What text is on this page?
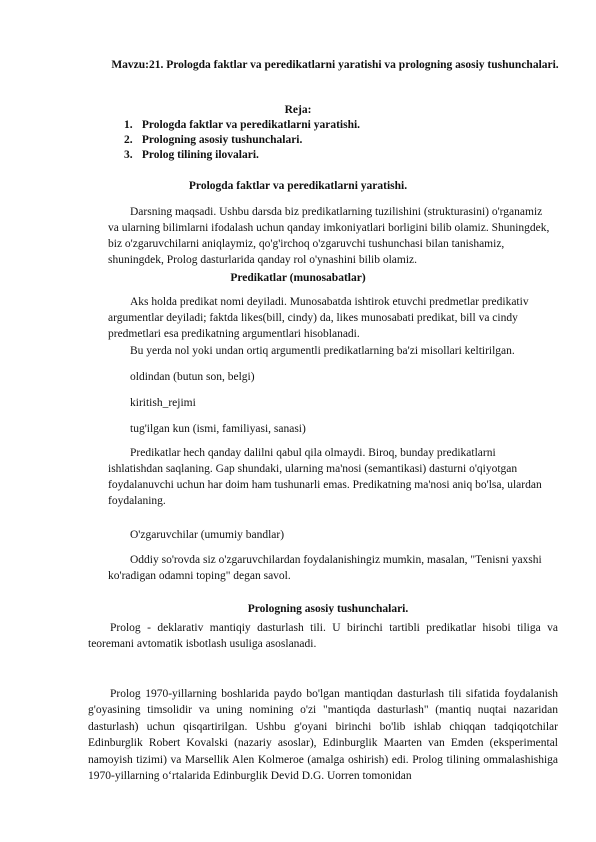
Mavzu:21. Prologda faktlar va peredikatlarni yaratishi va prologning asosiy tushunchalari.
Reja:
1. Prologda faktlar va peredikatlarni yaratishi.
2. Prologning asosiy tushunchalari.
3. Prolog tilining ilovalari.
Prologda faktlar va peredikatlarni yaratishi.

Darsning maqsadi. Ushbu darsda biz predikatlarning tuzilishini (strukturasini) o'rganamiz va ularning bilimlarni ifodalash uchun qanday imkoniyatlari borligini bilib olamiz. Shuningdek, biz o'zgaruvchilarni aniqlaymiz, qo'g'irchoq o'zgaruvchi tushunchasi bilan tanishamiz, shuningdek, Prolog dasturlarida qanday rol o'ynashini bilib olamiz.

Predikatlar (munosabatlar)

Aks holda predikat nomi deyiladi. Munosabatda ishtirok etuvchi predmetlar predikativ argumentlar deyiladi; faktda likes(bill, cindy) da, likes munosabati predikat, bill va cindy predmetlari esa predikatning argumentlari hisoblanadi.

Bu yerda nol yoki undan ortiq argumentli predikatlarning ba'zi misollari keltirilgan.

oldindan (butun son, belgi)

kiritish_rejimi

tug'ilgan kun (ismi, familiyasi, sanasi)

Predikatlar hech qanday dalilni qabul qila olmaydi. Biroq, bunday predikatlarni ishlatishdan saqlaning. Gap shundaki, ularning ma'nosi (semantikasi) dasturni o'qiyotgan foydalanuvchi uchun har doim ham tushunarli emas. Predikatning ma'nosi aniq bo'lsa, ulardan foydalaning.

O'zgaruvchilar (umumiy bandlar)

Oddiy so'rovda siz o'zgaruvchilardan foydalanishingiz mumkin, masalan, "Tenisni yaxshi ko'radigan odamni toping" degan savol.

Prologning asosiy tushunchalari.

Prolog - deklarativ mantiqiy dasturlash tili. U birinchi tartibli predikatlar hisobi tiliga va teoremani avtomatik isbotlash usuliga asoslanadi.

Prolog 1970-yillarning boshlarida paydo bo'lgan mantiqdan dasturlash tili sifatida foydalanish g'oyasining timsolidir va uning nomining o'zi "mantiqda dasturlash" (mantiq nuqtai nazaridan dasturlash) uchun qisqartirilgan. Ushbu g'oyani birinchi bo'lib ishlab chiqqan tadqiqotchilar Edinburglik Robert Kovalski (nazariy asoslar), Edinburglik Maarten van Emden (eksperimental namoyish tizimi) va Marsellik Alen Kolmeroe (amalga oshirish) edi. Prolog tilining ommalashishiga 1970-yillarning o‘rtalarida Edinburglik Devid D.G. Uorren tomonidan
